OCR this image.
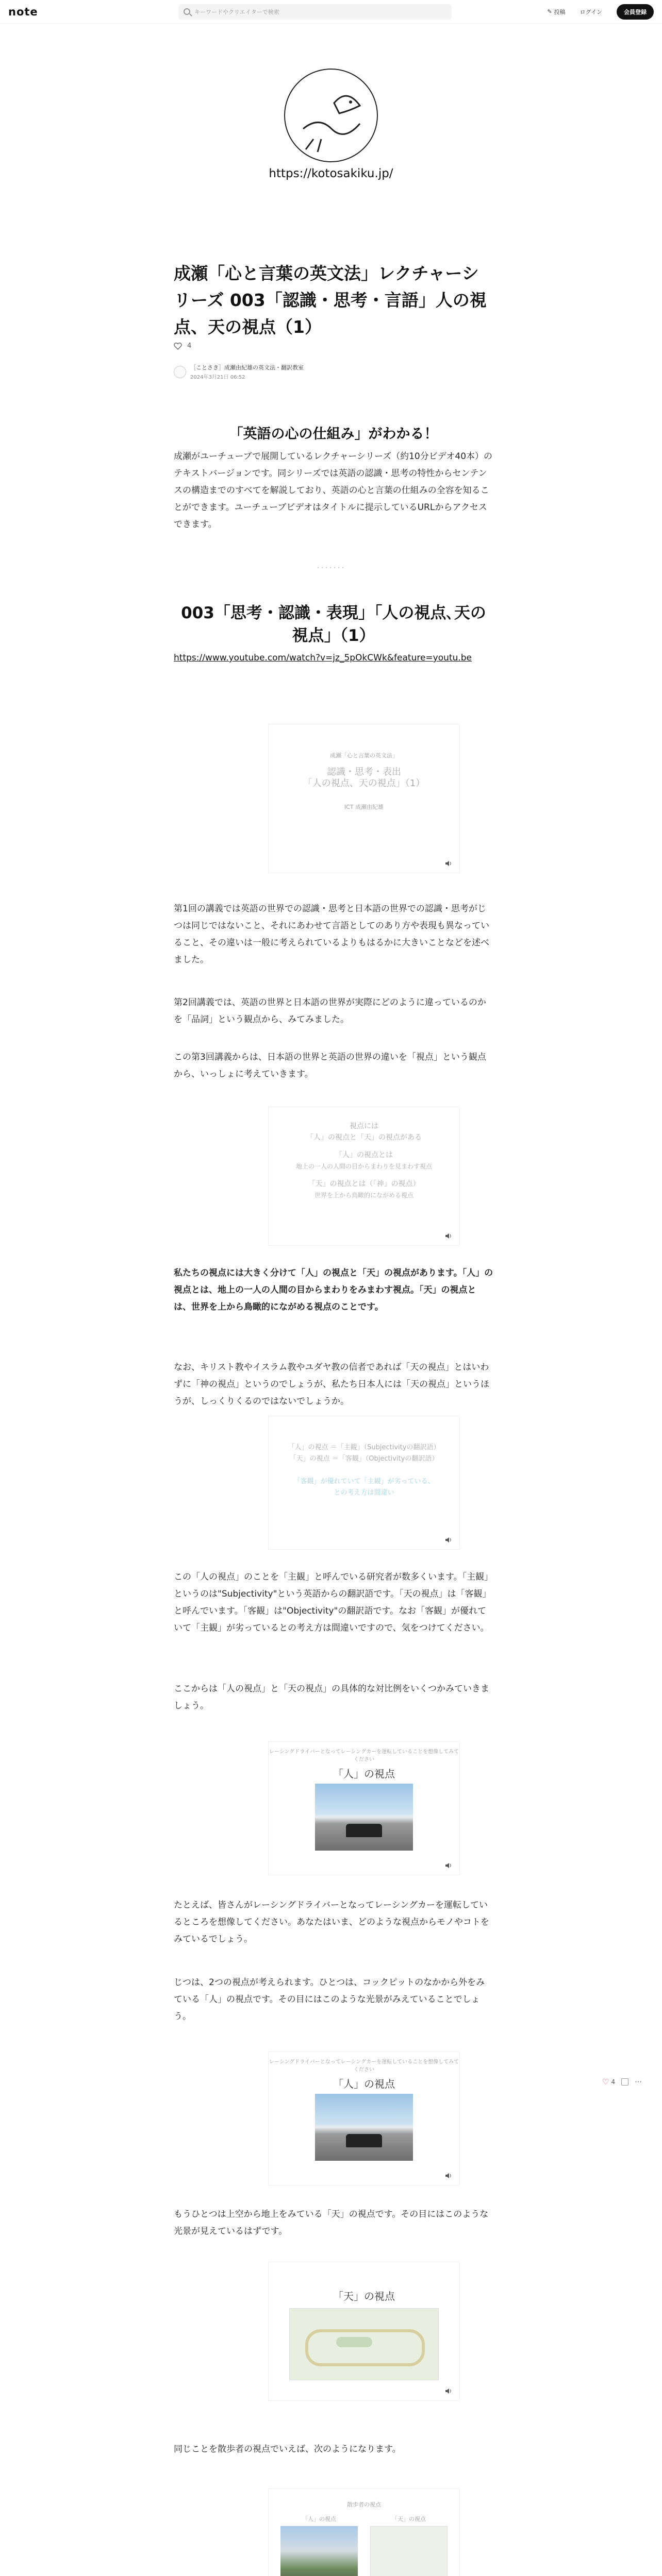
note	キーワードやクリエイターで検索	✎ 投稿	ログイン	会員登録
https://kotosakiku.jp/
成瀬「心と言葉の英文法」レクチャーシリーズ 003「認識・思考・言語」人の視点、天の視点（1）
4
［ことさき］成瀬由紀雄の英文法・翻訳教室
2024年3月21日 06:52
「英語の心の仕組み」がわかる！

成瀬がユーチューブで展開しているレクチャーシリーズ（約10分ビデオ40本）のテキストバージョンです。同シリーズでは英語の認識・思考の特性からセンテンスの構造までのすべてを解説しており、英語の心と言葉の仕組みの全容を知ることができます。ユーチューブビデオはタイトルに提示しているURLからアクセスできます。

･･･････
003「思考・認識・表現」「人の視点､天の視点」（1）
https://www.youtube.com/watch?v=jz_5pOkCWk&feature=youtu.be
成瀬「心と言葉の英文法」
認識・思考・表出
「人の視点、天の視点」（1）
ICT 成瀬由紀雄

第1回の講義では英語の世界での認識・思考と日本語の世界での認識・思考がじつは同じではないこと、それにあわせて言語としてのあり方や表現も異なっていること、その違いは一般に考えられているよりもはるかに大きいことなどを述べました。

第2回講義では、英語の世界と日本語の世界が実際にどのように違っているのかを「品詞」という観点から、みてみました。

この第3回講義からは、日本語の世界と英語の世界の違いを「視点」という観点から、いっしょに考えていきます。

視点には
「人」の視点と「天」の視点がある
「人」の視点とは
地上の一人の人間の目からまわりを見まわす視点
「天」の視点とは（「神」の視点）
世界を上から鳥瞰的にながめる視点

私たちの視点には大きく分けて「人」の視点と「天」の視点があります。「人」の視点とは、地上の一人の人間の目からまわりをみまわす視点。「天」の視点とは、世界を上から鳥瞰的にながめる視点のことです。

なお、キリスト教やイスラム教やユダヤ教の信者であれば「天の視点」とはいわずに「神の視点」というのでしょうが、私たち日本人には「天の視点」というほうが、しっくりくるのではないでしょうか。

「人」の視点 ＝「主観」（Subjectivityの翻訳語）
「天」の視点 ＝「客観」（Objectivityの翻訳語）
「客観」が優れていて「主観」が劣っている、
との考え方は間違い

この「人の視点」のことを「主観」と呼んでいる研究者が数多くいます。「主観」というのは"Subjectivity"という英語からの翻訳語です。「天の視点」は「客観」と呼んでいます。「客観」は"Objectivity"の翻訳語です。なお「客観」が優れていて「主観」が劣っているとの考え方は間違いですので、気をつけてください。

ここからは「人の視点」と「天の視点」の具体的な対比例をいくつかみていきましょう。

レーシングドライバーとなってレーシングカーを運転していることを想像してみてください
「人」の視点

たとえば、皆さんがレーシングドライバーとなってレーシングカーを運転しているところを想像してください。あなたはいま、どのような視点からモノやコトをみているでしょう。

じつは、2つの視点が考えられます。ひとつは、コックピットのなかから外をみている「人」の視点です。その目にはこのような光景がみえていることでしょう。

レーシングドライバーとなってレーシングカーを運転していることを想像してみてください
「人」の視点

もうひとつは上空から地上をみている「天」の視点です。その目にはこのような光景が見えているはずです。

「天」の視点

同じことを散歩者の視点でいえば、次のようになります。

散歩者の視点
「人」の視点	「天」の視点

♡ 4	⋯
